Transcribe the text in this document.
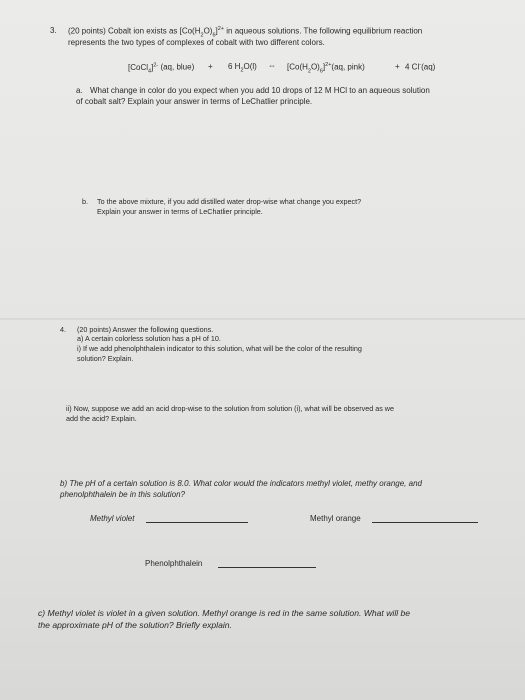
3. (20 points) Cobalt ion exists as $[Co(H_2O)_6]^{2+}$ in aqueous solutions. The following equilibrium reaction
represents the two types of complexes of cobalt with two different colors.
[CoCl$_4$]$^{2-}$ (aq, blue) + 6 $H_2O(l)$ ⇔ $[Co(H_2O)_6]^{2+}(aq$, pink)	+ 4 Cl-(aq)
a. What change in color do you expect when you add 10 drops of 12 M HCl to an aqueous solution
of cobalt salt? Explain your answer in terms of LeChatlier principle.
b. To the above mixture, if you add distilled water drop-wise what change you expect?
Explain your answer in terms of LeChatlier principle.
4. (20 points) Answer the following questions.
a) A certain colorless solution has a pH of 10.
i) If we add phenolphthalein indicator to this solution, what will be the color of the resulting
solution? Explain.
ii) Now, suppose we add an acid drop-wise to the solution from solution (i), what will be observed as we
add the acid? Explain.
b) The pH of a certain solution is 8.0. What color would the indicators methyl violet, methy orange, and
phenolphthalein be in this solution?
Methyl violet	Methyl orange
Phenolphthalein
c) Methyl violet is violet in a given solution. Methyl orange is red in the same solution. What will be
the approximate pH of the solution? Briefly explain.
